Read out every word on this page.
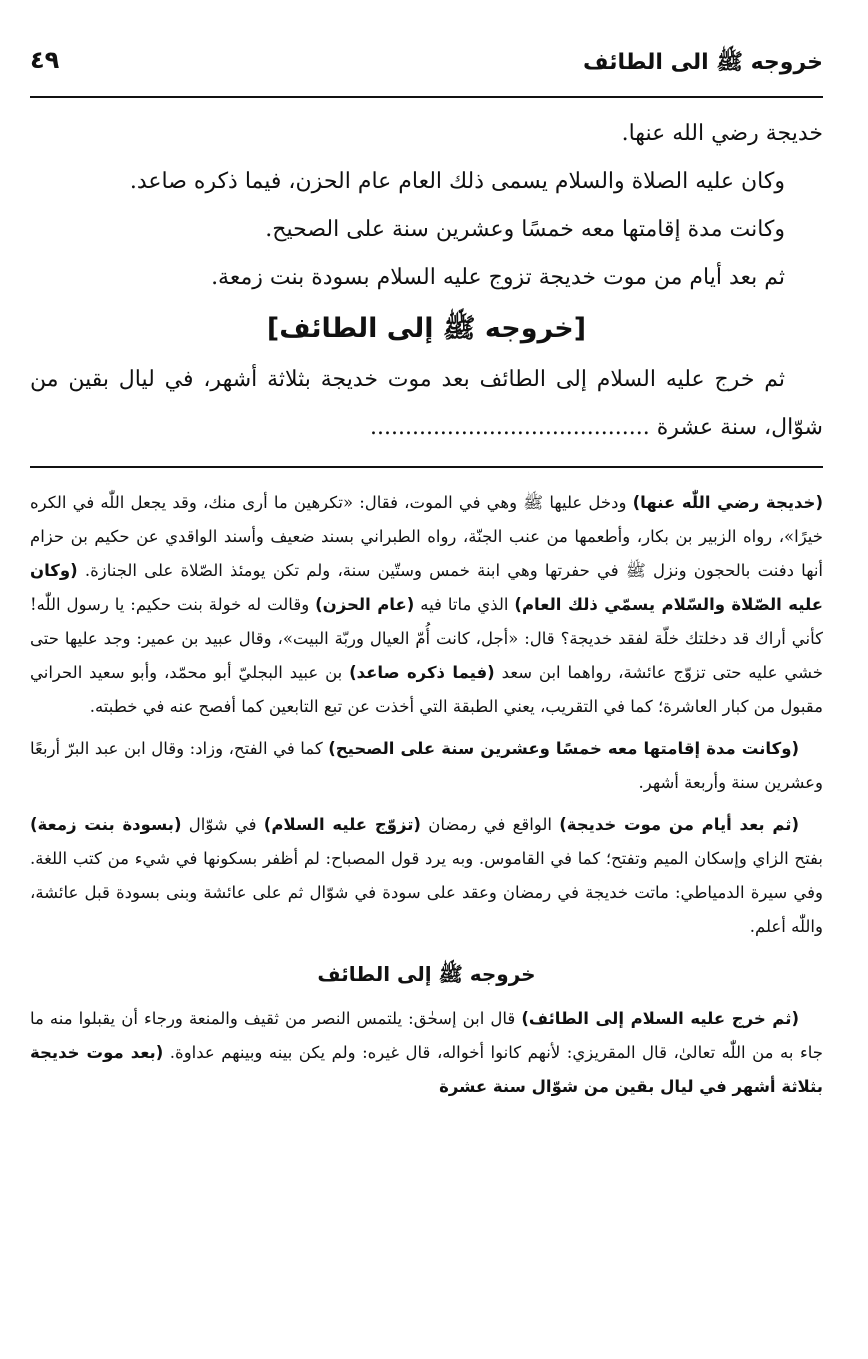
خروجه ﷺ الى الطائف
٤٩

خديجة رضي الله عنها.

وكان عليه الصلاة والسلام يسمى ذلك العام عام الحزن، فيما ذكره صاعد.

وكانت مدة إقامتها معه خمسًا وعشرين سنة على الصحيح.

ثم بعد أيام من موت خديجة تزوج عليه السلام بسودة بنت زمعة.

[خروجه ﷺ إلى الطائف]

ثم خرج عليه السلام إلى الطائف بعد موت خديجة بثلاثة أشهر، في ليال بقين من شوّال، سنة عشرة ........................................

(خديجة رضي اللّٰه عنها) ودخل عليها ﷺ وهي في الموت، فقال: «تكرهين ما أرى منك، وقد يجعل اللّٰه في الكره خيرًا»، رواه الزبير بن بكار، وأطعمها من عنب الجنّة، رواه الطبراني بسند ضعيف وأسند الواقدي عن حكيم بن حزام أنها دفنت بالحجون ونزل ﷺ في حفرتها وهي ابنة خمس وستّين سنة، ولم تكن يومئذ الصّلاة على الجنازة. (وكان عليه الصّلاة والسّلام يسمّي ذلك العام) الذي ماتا فيه (عام الحزن) وقالت له خولة بنت حكيم: يا رسول اللّٰه! كأني أراك قد دخلتك خلّة لفقد خديجة؟ قال: «أجل، كانت أُمّ العيال وربّة البيت»، وقال عبيد بن عمير: وجد عليها حتى خشي عليه حتى تزوّج عائشة، رواهما ابن سعد (فيما ذكره صاعد) بن عبيد البجليّ أبو محمّد، وأبو سعيد الحراني مقبول من كبار العاشرة؛ كما في التقريب، يعني الطبقة التي أخذت عن تبع التابعين كما أفصح عنه في خطبته.

(وكانت مدة إقامتها معه خمسًا وعشرين سنة على الصحيح) كما في الفتح، وزاد: وقال ابن عبد البرّ أربعًا وعشرين سنة وأربعة أشهر.

(ثم بعد أيام من موت خديجة) الواقع في رمضان (تزوّج عليه السلام) في شوّال (بسودة بنت زمعة) بفتح الزاي وإسكان الميم وتفتح؛ كما في القاموس. وبه يرد قول المصباح: لم أظفر بسكونها في شيء من كتب اللغة. وفي سيرة الدمياطي: ماتت خديجة في رمضان وعقد على سودة في شوّال ثم على عائشة وبنى بسودة قبل عائشة، واللّٰه أعلم.

خروجه ﷺ إلى الطائف

(ثم خرج عليه السلام إلى الطائف) قال ابن إسحٰق: يلتمس النصر من ثقيف والمنعة ورجاء أن يقبلوا منه ما جاء به من اللّٰه تعالىٰ، قال المقريزي: لأنهم كانوا أخواله، قال غيره: ولم يكن بينه وبينهم عداوة. (بعد موت خديجة بثلاثة أشهر في ليال بقين من شوّال سنة عشرة
